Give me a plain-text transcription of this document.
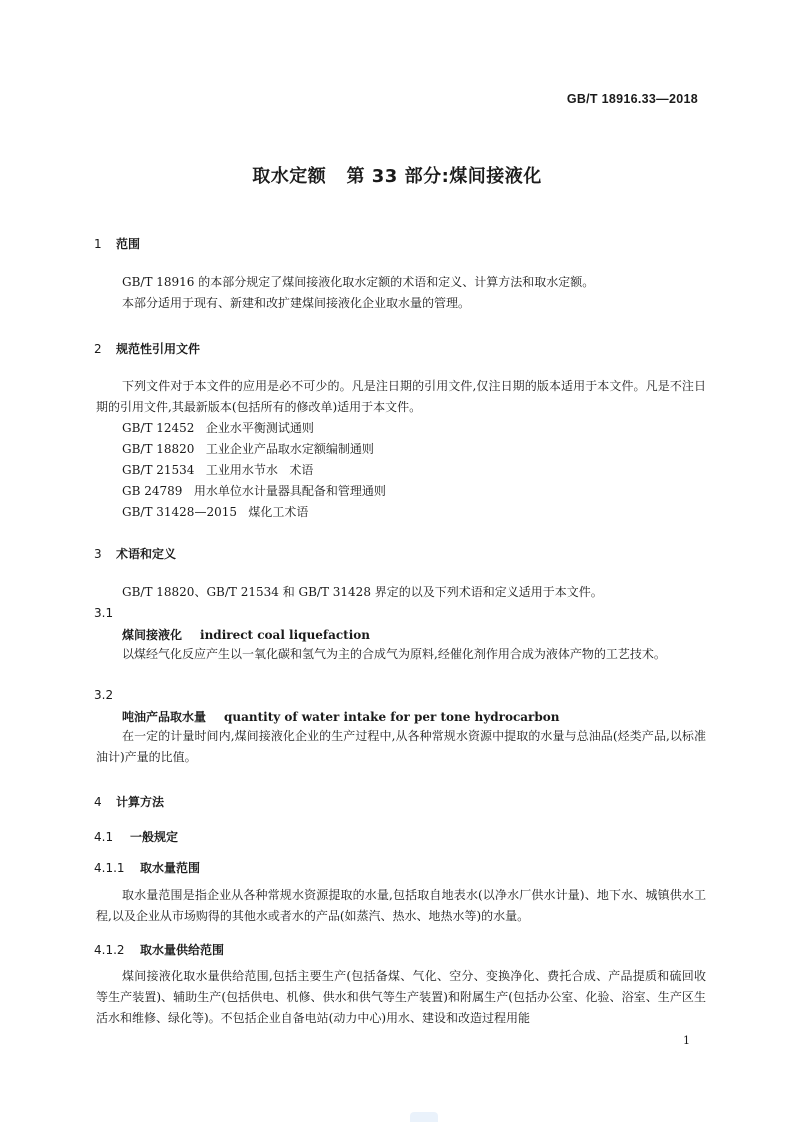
GB/T 18916.33—2018
取水定额   第 33 部分:煤间接液化
1 范围

GB/T 18916 的本部分规定了煤间接液化取水定额的术语和定义、计算方法和取水定额。

本部分适用于现有、新建和改扩建煤间接液化企业取水量的管理。

2 规范性引用文件

下列文件对于本文件的应用是必不可少的。凡是注日期的引用文件,仅注日期的版本适用于本文件。凡是不注日期的引用文件,其最新版本(包括所有的修改单)适用于本文件。

GB/T 12452   企业水平衡测试通则

GB/T 18820   工业企业产品取水定额编制通则

GB/T 21534   工业用水节水   术语

GB 24789   用水单位水计量器具配备和管理通则

GB/T 31428—2015   煤化工术语

3 术语和定义

GB/T 18820、GB/T 21534 和 GB/T 31428 界定的以及下列术语和定义适用于本文件。

3.1
煤间接液化 indirect coal liquefaction

以煤经气化反应产生以一氧化碳和氢气为主的合成气为原料,经催化剂作用合成为液体产物的工艺技术。

3.2
吨油产品取水量 quantity of water intake for per tone hydrocarbon

在一定的计量时间内,煤间接液化企业的生产过程中,从各种常规水资源中提取的水量与总油品(烃类产品,以标准油计)产量的比值。

4 计算方法
4.1 一般规定
4.1.1 取水量范围

取水量范围是指企业从各种常规水资源提取的水量,包括取自地表水(以净水厂供水计量)、地下水、城镇供水工程,以及企业从市场购得的其他水或者水的产品(如蒸汽、热水、地热水等)的水量。

4.1.2 取水量供给范围

煤间接液化取水量供给范围,包括主要生产(包括备煤、气化、空分、变换净化、费托合成、产品提质和硫回收等生产装置)、辅助生产(包括供电、机修、供水和供气等生产装置)和附属生产(包括办公室、化验、浴室、生产区生活水和维修、绿化等)。不包括企业自备电站(动力中心)用水、建设和改造过程用能

1
